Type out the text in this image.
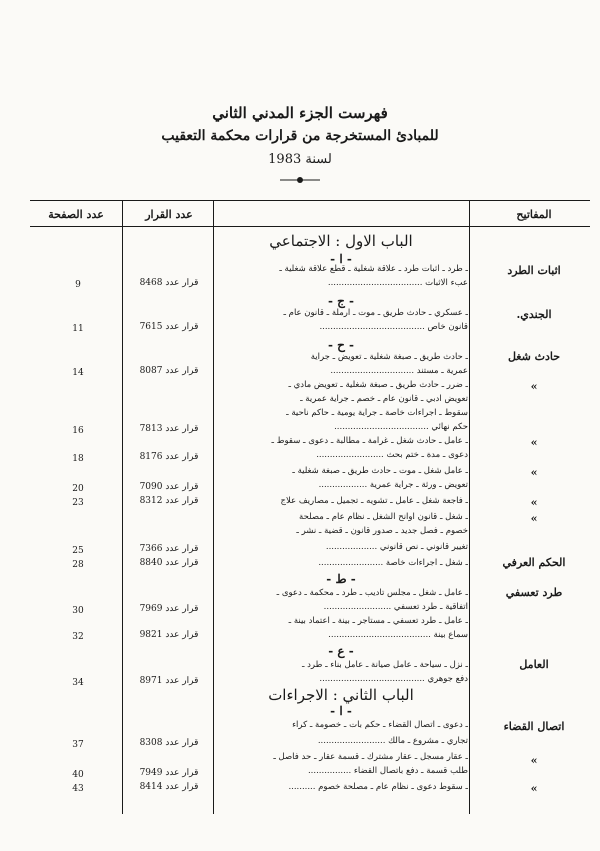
فهرست الجزء المدني الثاني
للمبادئ المستخرجة من قرارات محكمة التعقيب
لسنة 1983
المفاتيح
عدد القرار
عدد الصفحة
الباب الاول : الاجتماعي
- ا -
اثبات الطرد
ـ طرد ـ اثبات طرد ـ علاقة شغلية ـ قطع علاقة شغلية ـ
عبء الاثبات ...................................
قرار عدد 8468
9
- ج -
الجندي.
ـ عسكري ـ حادث طريق ـ موت ـ ارملة ـ قانون عام ـ
قانون خاص .......................................
قرار عدد 7615
11
- ح -
حادث شغل
ـ حادث طريق ـ صبغة شغلية ـ تعويض ـ جراية
عمرية ـ مستند ...............................
قرار عدد 8087
14
»
ـ ضرر ـ حادث طريق ـ صبغة شغلية ـ تعويض مادي ـ
تعويض ادبي ـ قانون عام ـ خصم ـ جراية عمرية ـ
سقوط ـ اجراءات خاصة ـ جراية يومية ـ حاكم ناحية ـ
حكم نهائي ...................................
قرار عدد 7813
16
»
ـ عامل ـ حادث شغل ـ غرامة ـ مطالبة ـ دعوى ـ سقوط ـ
دعوى ـ مدة ـ ختم بحث .........................
قرار عدد 8176
18
»
ـ عامل شغل ـ موت ـ حادث طريق ـ صبغة شغلية ـ
تعويض ـ ورثة ـ جراية عمرية ..................
قرار عدد 7090
20
»
ـ فاجعة شغل ـ عامل ـ تشويه ـ تجميل ـ مصاريف علاج
قرار عدد 8312
23
»
ـ شغل ـ قانون اوانح الشغل ـ نظام عام ـ مصلحة
خصوم ـ فصل جديد ـ صدور قانون ـ قضية ـ نشر ـ
تغيير قانوني ـ نص قانوني ...................
قرار عدد 7366
25
الحكم العرفي
ـ شغل ـ اجراءات خاصة ........................
قرار عدد 8840
28
- ط -
طرد تعسفي
ـ عامل ـ شغل ـ مجلس تاديب ـ طرد ـ محكمة ـ دعوى ـ
اتفاقية ـ طرد تعسفي .........................
قرار عدد 7969
30
ـ عامل ـ طرد تعسفي ـ مستاجر ـ بينة ـ اعتماد بينة ـ
سماع بينة ......................................
قرار عدد 9821
32
- ع -
العامل
ـ نزل ـ سياحة ـ عامل صيانة ـ عامل بناء ـ طرد ـ
دفع جوهري .......................................
قرار عدد 8971
34
الباب الثاني : الاجراءات
- ا -
اتصال القضاء
ـ دعوى ـ اتصال القضاء ـ حكم بات ـ خصومة ـ كراء
تجاري ـ مشروع ـ مالك .........................
قرار عدد 8308
37
»
ـ عقار مسجل ـ عقار مشترك ـ قسمة عقار ـ حد فاصل ـ
طلب قسمة ـ دفع باتصال القضاء ................
قرار عدد 7949
40
»
ـ سقوط دعوى ـ نظام عام ـ مصلحة خصوم ..........
قرار عدد 8414
43
